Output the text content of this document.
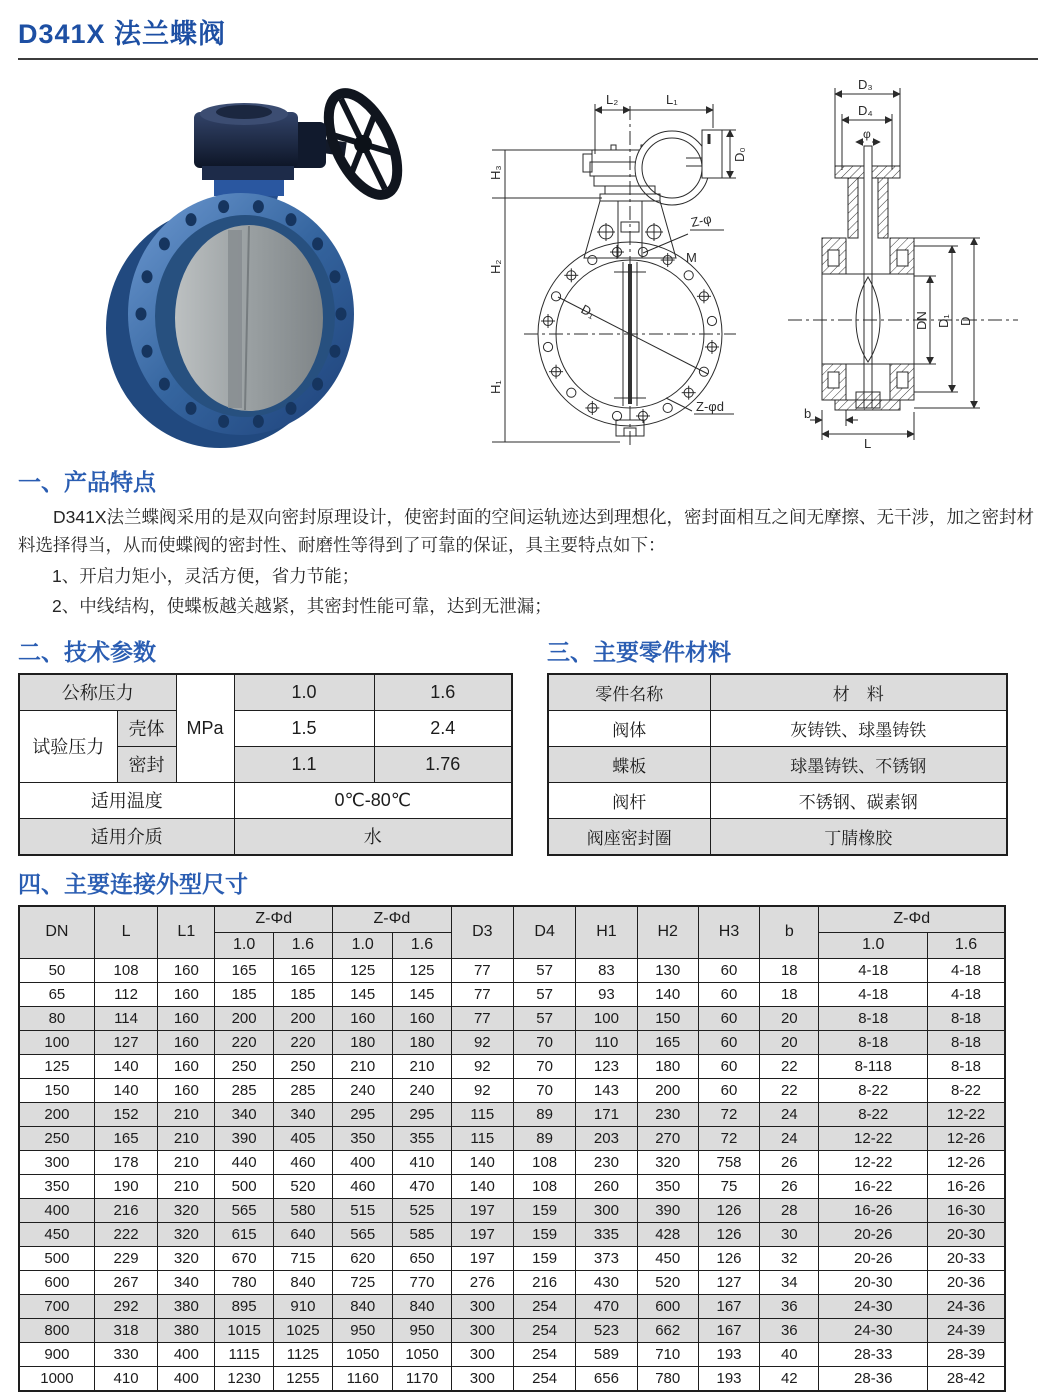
D341X 法兰蝶阀
L₂	L₁
H₃
H₂
H₁
D₀
Z-φ
M
D₁
Z-φd
D₃
D₄
φ
DN D₁ D
b
L
一、产品特点

D341X法兰蝶阀采用的是双向密封原理设计，使密封面的空间运轨迹达到理想化，密封面相互之间无摩擦、无干涉，加之密封材料选择得当，从而使蝶阀的密封性、耐磨性等得到了可靠的保证，具主要特点如下：

1、开启力矩小，灵活方便，省力节能；
2、中线结构，使蝶板越关越紧，其密封性能可靠，达到无泄漏；
二、技术参数
公称压力		MPa	1.0	1.6
试验压力	壳体		1.5	2.4
	密封		1.1	1.76
适用温度			0℃-80℃	
适用介质			水	
三、主要零件材料
零件名称	材　料
阀体	灰铸铁、球墨铸铁
蝶板	球墨铸铁、不锈钢
阀杆	不锈钢、碳素钢
阀座密封圈	丁腈橡胶
四、主要连接外型尺寸
DN	L	L1	Z-Φd		Z-Φd		D3	D4	H1	H2	H3	b	Z-Φd	
			1.0	1.6	1.0	1.6							1.0	1.6
50	108	160	165	165	125	125	77	57	83	130	60	18	4-18	4-18
65	112	160	185	185	145	145	77	57	93	140	60	18	4-18	4-18
80	114	160	200	200	160	160	77	57	100	150	60	20	8-18	8-18
100	127	160	220	220	180	180	92	70	110	165	60	20	8-18	8-18
125	140	160	250	250	210	210	92	70	123	180	60	22	8-118	8-18
150	140	160	285	285	240	240	92	70	143	200	60	22	8-22	8-22
200	152	210	340	340	295	295	115	89	171	230	72	24	8-22	12-22
250	165	210	390	405	350	355	115	89	203	270	72	24	12-22	12-26
300	178	210	440	460	400	410	140	108	230	320	758	26	12-22	12-26
350	190	210	500	520	460	470	140	108	260	350	75	26	16-22	16-26
400	216	320	565	580	515	525	197	159	300	390	126	28	16-26	16-30
450	222	320	615	640	565	585	197	159	335	428	126	30	20-26	20-30
500	229	320	670	715	620	650	197	159	373	450	126	32	20-26	20-33
600	267	340	780	840	725	770	276	216	430	520	127	34	20-30	20-36
700	292	380	895	910	840	840	300	254	470	600	167	36	24-30	24-36
800	318	380	1015	1025	950	950	300	254	523	662	167	36	24-30	24-39
900	330	400	1115	1125	1050	1050	300	254	589	710	193	40	28-33	28-39
1000	410	400	1230	1255	1160	1170	300	254	656	780	193	42	28-36	28-42
